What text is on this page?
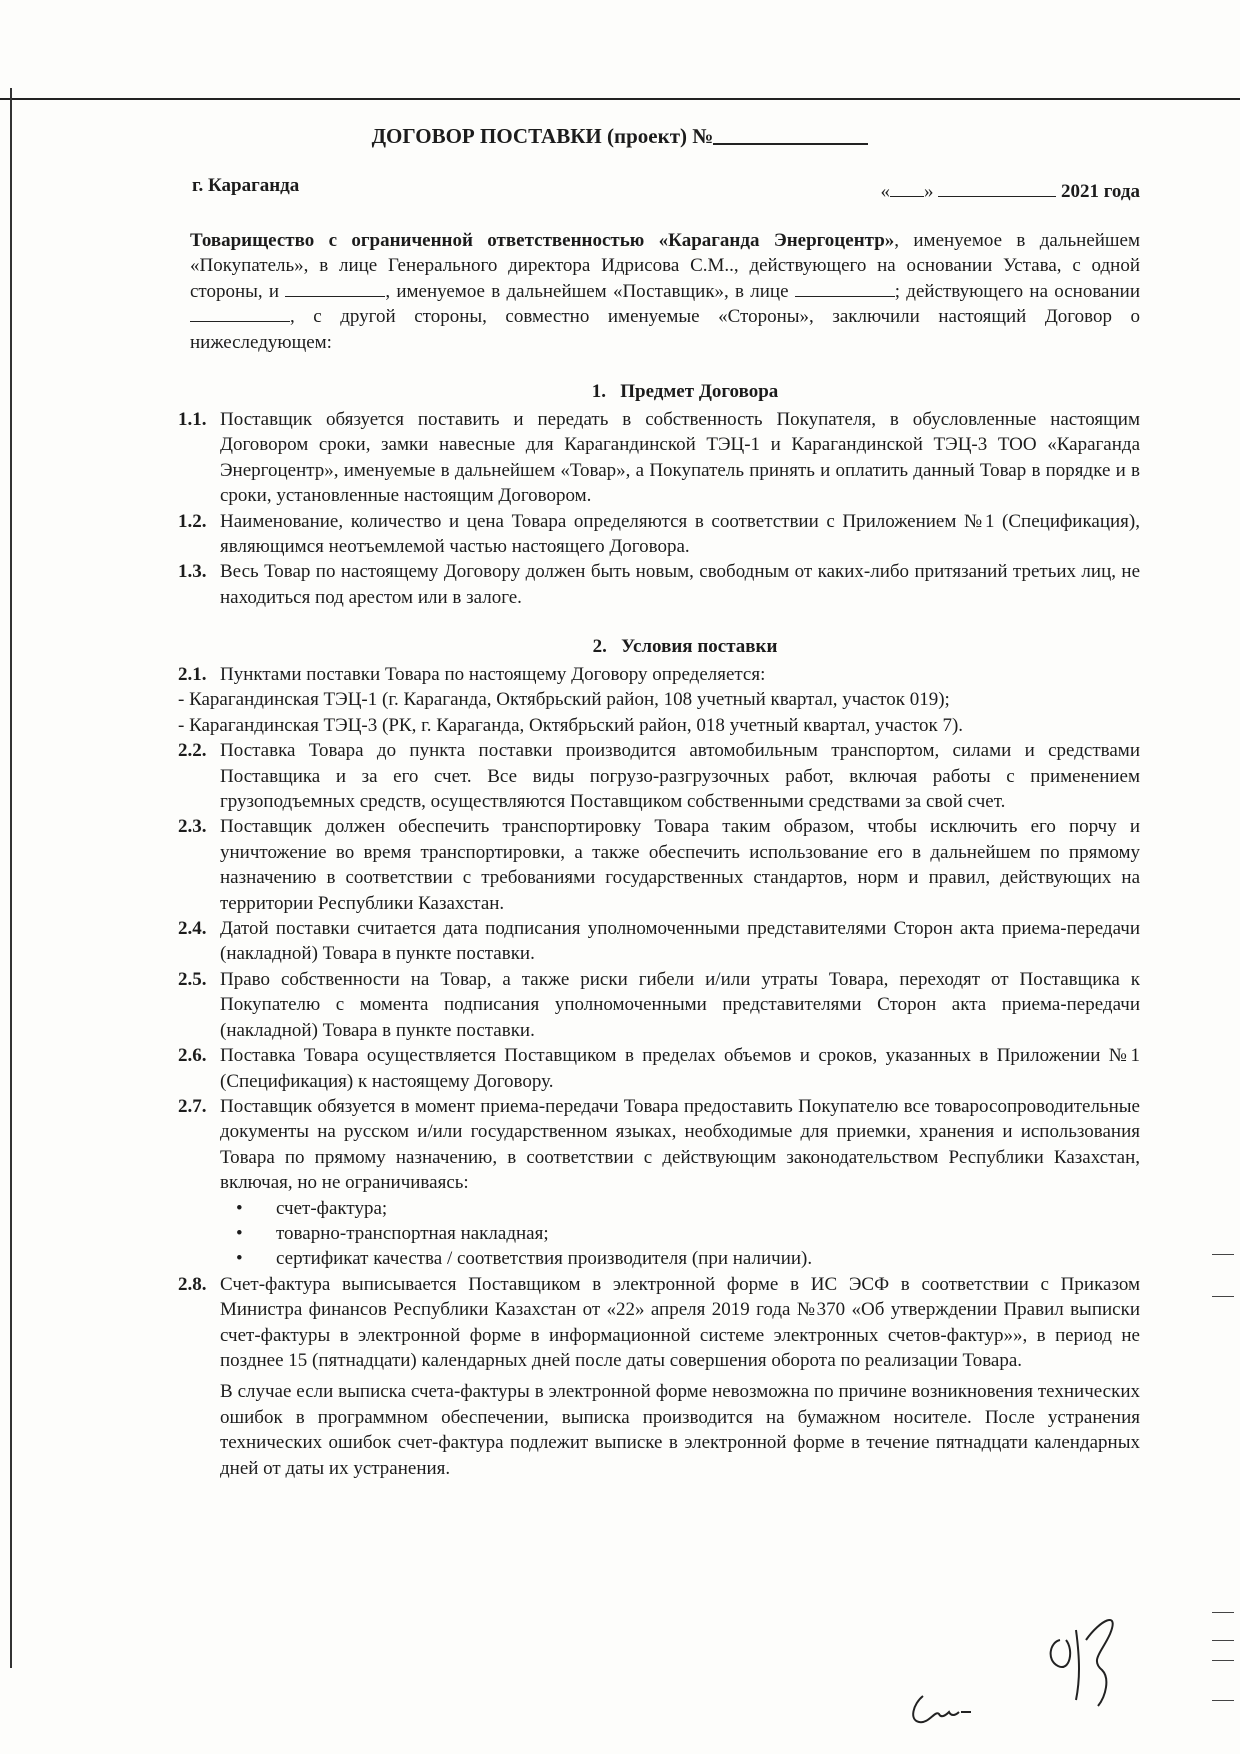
ДОГОВОР ПОСТАВКИ (проект) №
г. Караганда	« »	2021 года
Товарищество с ограниченной ответственностью «Караганда Энергоцентр», именуемое в дальнейшем «Покупатель», в лице Генерального директора Идрисова С.М.., действующего на основании Устава, с одной стороны, и	, именуемое в дальнейшем «Поставщик», в лице	; действующего на основании , с другой стороны, совместно именуемые «Стороны», заключили настоящий Договор о нижеследующем:
1.   Предмет Договора
1.1. Поставщик обязуется поставить и передать в собственность Покупателя, в обусловленные настоящим Договором сроки, замки навесные для Карагандинской ТЭЦ-1 и Карагандинской ТЭЦ-3 ТОО «Караганда Энергоцентр», именуемые в дальнейшем «Товар», а Покупатель принять и оплатить данный Товар в порядке и в сроки, установленные настоящим Договором.
1.2. Наименование, количество и цена Товара определяются в соответствии с Приложением №1 (Спецификация), являющимся неотъемлемой частью настоящего Договора.
1.3. Весь Товар по настоящему Договору должен быть новым, свободным от каких-либо притязаний третьих лиц, не находиться под арестом или в залоге.
2.   Условия поставки
2.1. Пунктами поставки Товара по настоящему Договору определяется:
- Карагандинская ТЭЦ-1 (г. Караганда, Октябрьский район, 108 учетный квартал, участок 019);
- Карагандинская ТЭЦ-3 (РК, г. Караганда, Октябрьский район, 018 учетный квартал, участок 7).
2.2. Поставка Товара до пункта поставки производится автомобильным транспортом, силами и средствами Поставщика и за его счет. Все виды погрузо-разгрузочных работ, включая работы с применением грузоподъемных средств, осуществляются Поставщиком собственными средствами за свой счет.
2.3. Поставщик должен обеспечить транспортировку Товара таким образом, чтобы исключить его порчу и уничтожение во время транспортировки, а также обеспечить использование его в дальнейшем по прямому назначению в соответствии с требованиями государственных стандартов, норм и правил, действующих на территории Республики Казахстан.
2.4. Датой поставки считается дата подписания уполномоченными представителями Сторон акта приема-передачи (накладной) Товара в пункте поставки.
2.5. Право собственности на Товар, а также риски гибели и/или утраты Товара, переходят от Поставщика к Покупателю с момента подписания уполномоченными представителями Сторон акта приема-передачи (накладной) Товара в пункте поставки.
2.6. Поставка Товара осуществляется Поставщиком в пределах объемов и сроков, указанных в Приложении №1 (Спецификация) к настоящему Договору.
2.7. Поставщик обязуется в момент приема-передачи Товара предоставить Покупателю все товаросопроводительные документы на русском и/или государственном языках, необходимые для приемки, хранения и использования Товара по прямому назначению, в соответствии с действующим законодательством Республики Казахстан, включая, но не ограничиваясь:
•	счет-фактура;
•	товарно-транспортная накладная;
•	сертификат качества / соответствия производителя (при наличии).
2.8. Счет-фактура выписывается Поставщиком в электронной форме в ИС ЭСФ в соответствии с Приказом Министра финансов Республики Казахстан от «22» апреля 2019 года №370 «Об утверждении Правил выписки счет-фактуры в электронной форме в информационной системе электронных счетов-фактур»», в период не позднее 15 (пятнадцати) календарных дней после даты совершения оборота по реализации Товара.
В случае если выписка счета-фактуры в электронной форме невозможна по причине возникновения технических ошибок в программном обеспечении, выписка производится на бумажном носителе. После устранения технических ошибок счет-фактура подлежит выписке в электронной форме в течение пятнадцати календарных дней от даты их устранения.
